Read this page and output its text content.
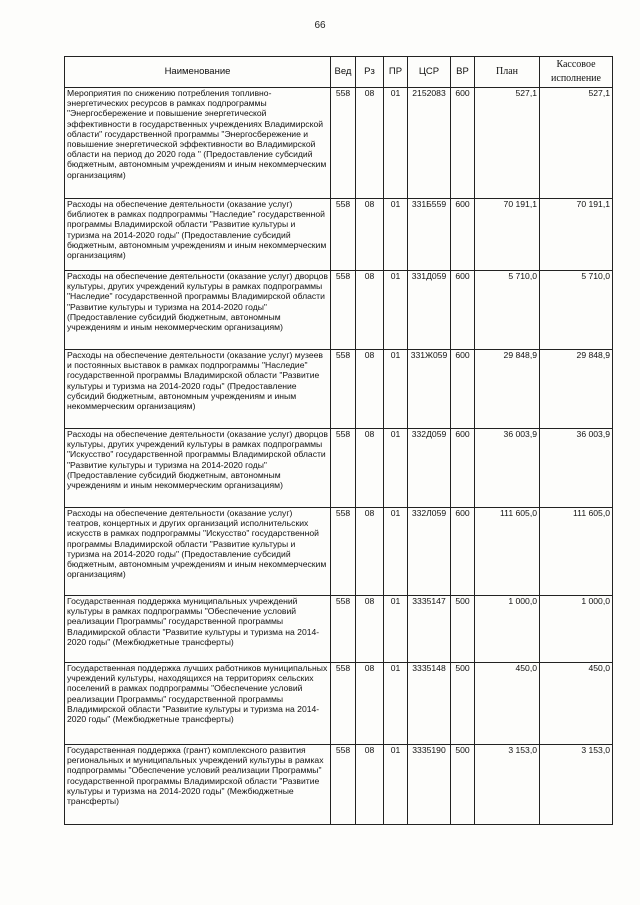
66
Наименование	Вед	Рз	ПР	ЦСР	ВР	План	Кассовое исполнение
Мероприятия по снижению потребления топливно-энергетических ресурсов в рамках подпрограммы "Энергосбережение и повышение энергетической эффективности в государственных учреждениях Владимирской области" государственной программы "Энергосбережение и повышение энергетической эффективности во Владимирской области на период до 2020 года " (Предоставление субсидий бюджетным, автономным учреждениям и иным некоммерческим организациям)	558	08	01	2152083	600	527,1	527,1
Расходы на обеспечение деятельности (оказание услуг) библиотек в рамках подпрограммы "Наследие" государственной программы Владимирской области "Развитие культуры и туризма на 2014-2020 годы" (Предоставление субсидий бюджетным, автономным учреждениям и иным некоммерческим организациям)	558	08	01	331Б559	600	70 191,1	70 191,1
Расходы на обеспечение деятельности (оказание услуг) дворцов культуры, других учреждений культуры в рамках подпрограммы "Наследие" государственной программы Владимирской области "Развитие культуры и туризма на 2014-2020 годы" (Предоставление субсидий бюджетным, автономным учреждениям и иным некоммерческим организациям)	558	08	01	331Д059	600	5 710,0	5 710,0
Расходы на обеспечение деятельности (оказание услуг) музеев и постоянных выставок в рамках подпрограммы "Наследие" государственной программы Владимирской области "Развитие культуры и туризма на 2014-2020 годы" (Предоставление субсидий бюджетным, автономным учреждениям и иным некоммерческим организациям)	558	08	01	331Ж059	600	29 848,9	29 848,9
Расходы на обеспечение деятельности (оказание услуг) дворцов культуры, других учреждений культуры в рамках подпрограммы "Искусство" государственной программы Владимирской области "Развитие культуры и туризма на 2014-2020 годы" (Предоставление субсидий бюджетным, автономным учреждениям и иным некоммерческим организациям)	558	08	01	332Д059	600	36 003,9	36 003,9
Расходы на обеспечение деятельности (оказание услуг) театров, концертных и других организаций исполнительских искусств в рамках подпрограммы "Искусство" государственной программы Владимирской области "Развитие культуры и туризма на 2014-2020 годы" (Предоставление субсидий бюджетным, автономным учреждениям и иным некоммерческим организациям)	558	08	01	332Л059	600	111 605,0	111 605,0
Государственная поддержка муниципальных учреждений культуры в рамках подпрограммы "Обеспечение условий реализации Программы" государственной программы Владимирской области "Развитие культуры и туризма на 2014-2020 годы" (Межбюджетные трансферты)	558	08	01	3335147	500	1 000,0	1 000,0
Государственная поддержка лучших работников муниципальных учреждений культуры, находящихся на территориях сельских поселений в рамках подпрограммы "Обеспечение условий реализации Программы" государственной программы Владимирской области "Развитие культуры и туризма на 2014-2020 годы" (Межбюджетные трансферты)	558	08	01	3335148	500	450,0	450,0
Государственная поддержка (грант) комплексного развития региональных и муниципальных учреждений культуры в рамках подпрограммы "Обеспечение условий реализации Программы" государственной программы Владимирской области "Развитие культуры и туризма на 2014-2020 годы" (Межбюджетные трансферты)	558	08	01	3335190	500	3 153,0	3 153,0
